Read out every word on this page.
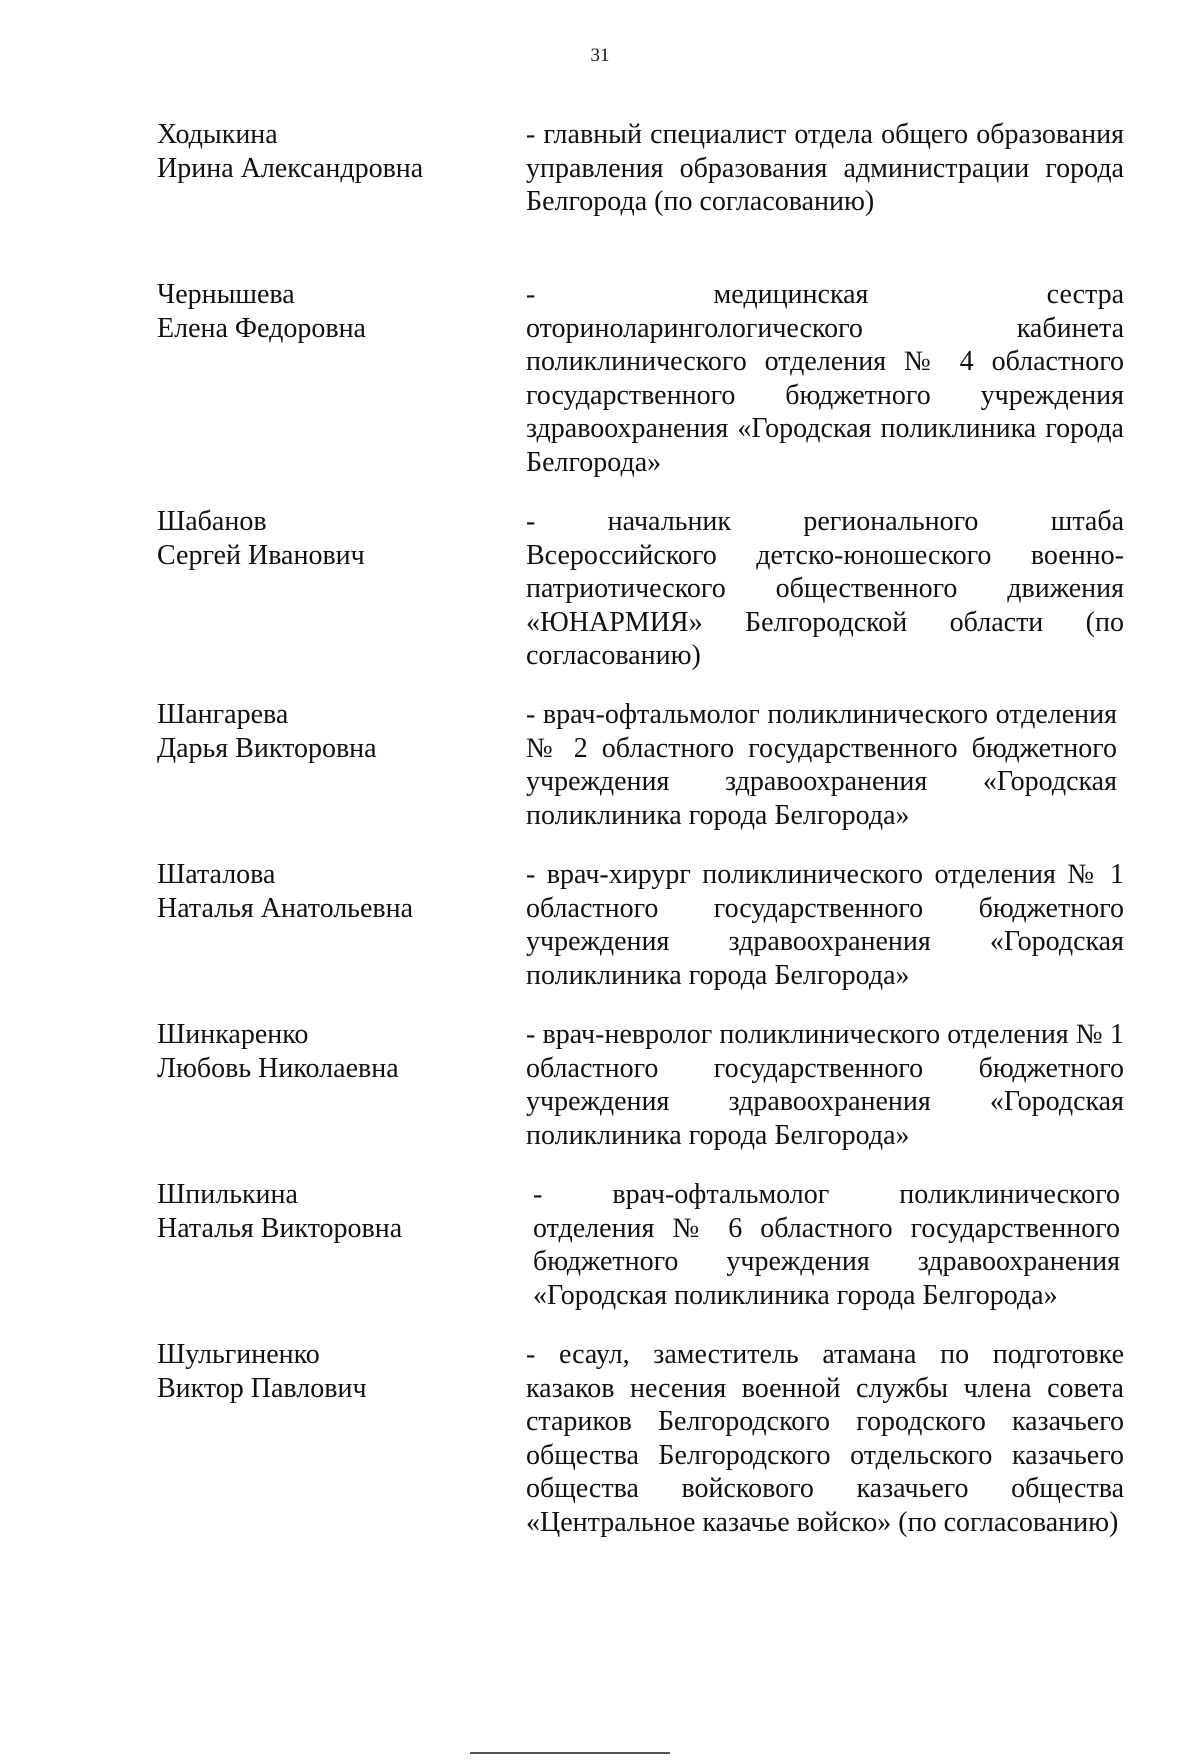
31
Ходыкина
Ирина Александровна
- главный специалист отдела общего образования управления образования администрации города Белгорода (по согласованию)
Чернышева
Елена Федоровна
- медицинская сестра оториноларингологического кабинета поликлинического отделения № 4 областного государственного бюджетного учреждения здравоохранения «Городская поликлиника города Белгорода»
Шабанов
Сергей Иванович
- начальник регионального штаба Всероссийского детско-юношеского военно-патриотического общественного движения «ЮНАРМИЯ» Белгородской области (по согласованию)
Шангарева
Дарья Викторовна
- врач-офтальмолог поликлинического отделения № 2 областного государственного бюджетного учреждения здравоохранения «Городская поликлиника города Белгорода»
Шаталова
Наталья Анатольевна
- врач-хирург поликлинического отделения № 1 областного государственного бюджетного учреждения здравоохранения «Городская поликлиника города Белгорода»
Шинкаренко
Любовь Николаевна
- врач-невролог поликлинического отделения № 1 областного государственного бюджетного учреждения здравоохранения «Городская поликлиника города Белгорода»
Шпилькина
Наталья Викторовна
- врач-офтальмолог поликлинического отделения № 6 областного государственного бюджетного учреждения здравоохранения «Городская поликлиника города Белгорода»
Шульгиненко
Виктор Павлович
- есаул, заместитель атамана по подготовке казаков несения военной службы члена совета стариков Белгородского городского казачьего общества Белгородского отдельского казачьего общества войскового казачьего общества «Центральное казачье войско» (по согласованию)
